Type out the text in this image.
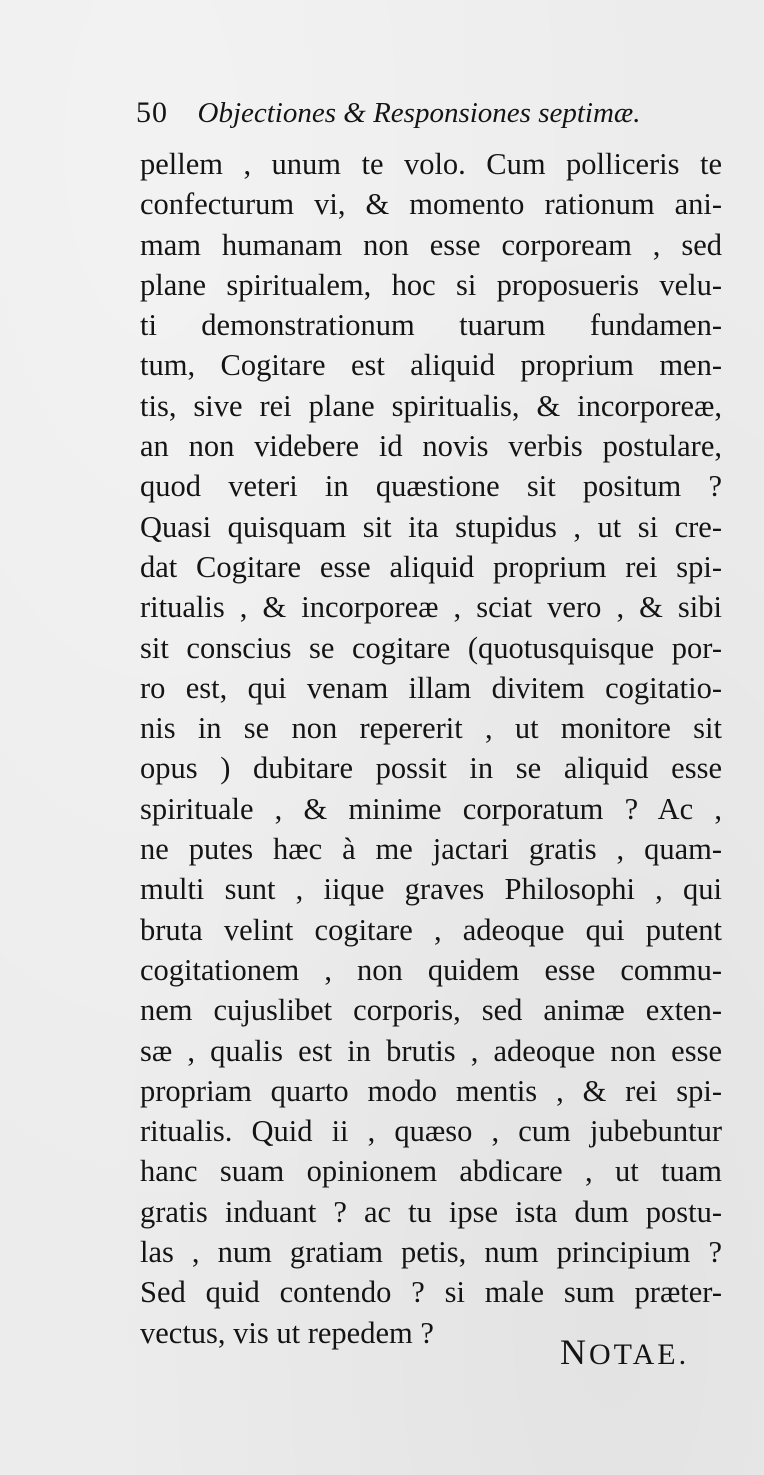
50 Objectiones & Responsiones septimæ.
pellem , unum te volo. Cum polliceris te
confecturum vi, & momento rationum ani-
mam humanam non esse corpoream , sed
plane spiritualem, hoc si proposueris velu-
ti demonstrationum tuarum fundamen-
tum, Cogitare est aliquid proprium men-
tis, sive rei plane spiritualis, & incorporeæ,
an non videbere id novis verbis postulare,
quod veteri in quæstione sit positum ?
Quasi quisquam sit ita stupidus , ut si cre-
dat Cogitare esse aliquid proprium rei spi-
ritualis , & incorporeæ , sciat vero , & sibi
sit conscius se cogitare (quotusquisque por-
ro est, qui venam illam divitem cogitatio-
nis in se non repererit , ut monitore sit
opus ) dubitare possit in se aliquid esse
spirituale , & minime corporatum ? Ac ,
ne putes hæc à me jactari gratis , quam-
multi sunt , iique graves Philosophi , qui
bruta velint cogitare , adeoque qui putent
cogitationem , non quidem esse commu-
nem cujuslibet corporis, sed animæ exten-
sæ , qualis est in brutis , adeoque non esse
propriam quarto modo mentis , & rei spi-
ritualis. Quid ii , quæso , cum jubebuntur
hanc suam opinionem abdicare , ut tuam
gratis induant ? ac tu ipse ista dum postu-
las , num gratiam petis, num principium ?
Sed quid contendo ? si male sum præter-
vectus, vis ut repedem ?	NOTAE.
